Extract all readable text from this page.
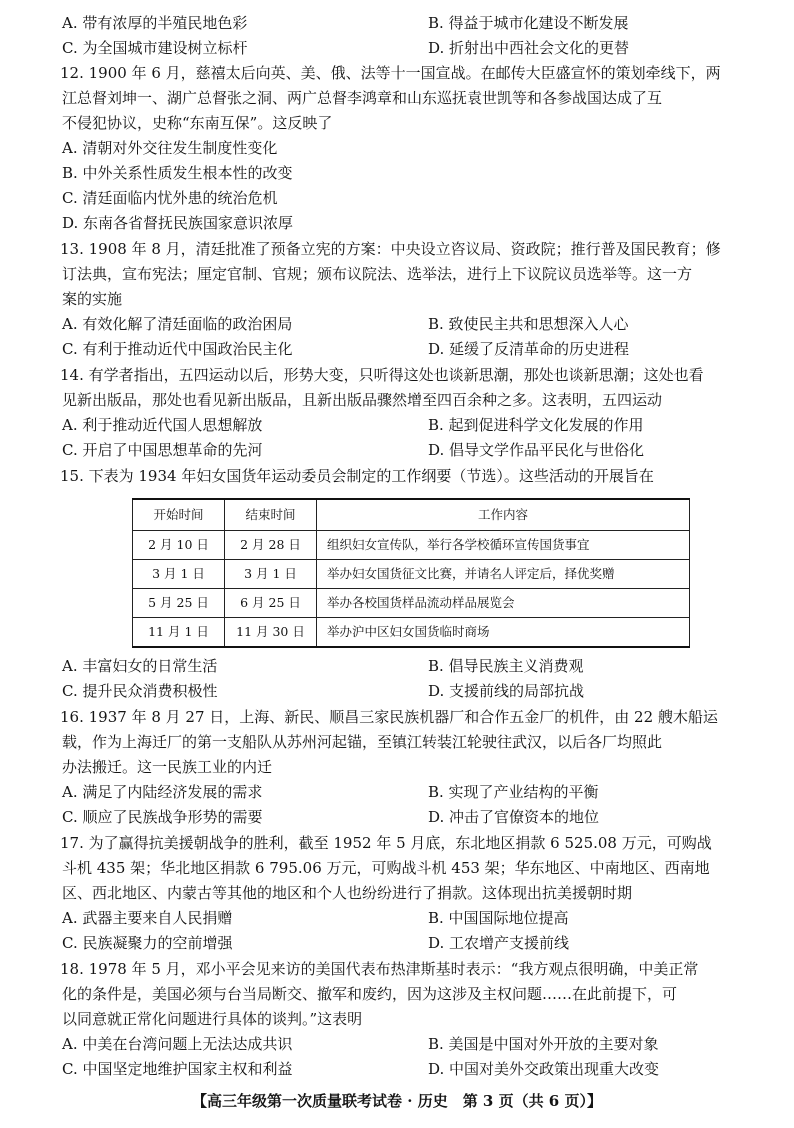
A. 带有浓厚的半殖民地色彩	B. 得益于城市化建设不断发展
C. 为全国城市建设树立标杆	D. 折射出中西社会文化的更替
12. 1900 年 6 月，慈禧太后向英、美、俄、法等十一国宣战。在邮传大臣盛宣怀的策划牵线下，两
江总督刘坤一、湖广总督张之洞、两广总督李鸿章和山东巡抚袁世凯等和各参战国达成了互
不侵犯协议，史称“东南互保”。这反映了
A. 清朝对外交往发生制度性变化
B. 中外关系性质发生根本性的改变
C. 清廷面临内忧外患的统治危机
D. 东南各省督抚民族国家意识浓厚
13. 1908 年 8 月，清廷批准了预备立宪的方案：中央设立咨议局、资政院；推行普及国民教育；修
订法典，宣布宪法；厘定官制、官规；颁布议院法、选举法，进行上下议院议员选举等。这一方
案的实施
A. 有效化解了清廷面临的政治困局	B. 致使民主共和思想深入人心
C. 有利于推动近代中国政治民主化	D. 延缓了反清革命的历史进程
14. 有学者指出，五四运动以后，形势大变，只听得这处也谈新思潮，那处也谈新思潮；这处也看
见新出版品，那处也看见新出版品，且新出版品骤然增至四百余种之多。这表明，五四运动
A. 利于推动近代国人思想解放	B. 起到促进科学文化发展的作用
C. 开启了中国思想革命的先河	D. 倡导文学作品平民化与世俗化
15. 下表为 1934 年妇女国货年运动委员会制定的工作纲要（节选）。这些活动的开展旨在
开始时间	结束时间	工作内容
2 月 10 日	2 月 28 日	组织妇女宣传队，举行各学校循环宣传国货事宜
3 月 1 日	3 月 1 日	举办妇女国货征文比赛，并请名人评定后，择优奖赠
5 月 25 日	6 月 25 日	举办各校国货样品流动样品展览会
11 月 1 日	11 月 30 日	举办沪中区妇女国货临时商场
A. 丰富妇女的日常生活	B. 倡导民族主义消费观
C. 提升民众消费积极性	D. 支援前线的局部抗战
16. 1937 年 8 月 27 日，上海、新民、顺昌三家民族机器厂和合作五金厂的机件，由 22 艘木船运
载，作为上海迁厂的第一支船队从苏州河起锚，至镇江转装江轮驶往武汉，以后各厂均照此
办法搬迁。这一民族工业的内迁
A. 满足了内陆经济发展的需求	B. 实现了产业结构的平衡
C. 顺应了民族战争形势的需要	D. 冲击了官僚资本的地位
17. 为了赢得抗美援朝战争的胜利，截至 1952 年 5 月底，东北地区捐款 6 525.08 万元，可购战
斗机 435 架；华北地区捐款 6 795.06 万元，可购战斗机 453 架；华东地区、中南地区、西南地
区、西北地区、内蒙古等其他的地区和个人也纷纷进行了捐款。这体现出抗美援朝时期
A. 武器主要来自人民捐赠	B. 中国国际地位提高
C. 民族凝聚力的空前增强	D. 工农增产支援前线
18. 1978 年 5 月，邓小平会见来访的美国代表布热津斯基时表示：“我方观点很明确，中美正常
化的条件是，美国必须与台当局断交、撤军和废约，因为这涉及主权问题……在此前提下，可
以同意就正常化问题进行具体的谈判。”这表明
A. 中美在台湾问题上无法达成共识	B. 美国是中国对外开放的主要对象
C. 中国坚定地维护国家主权和利益	D. 中国对美外交政策出现重大改变
【高三年级第一次质量联考试卷 · 历史　第 3 页（共 6 页）】
